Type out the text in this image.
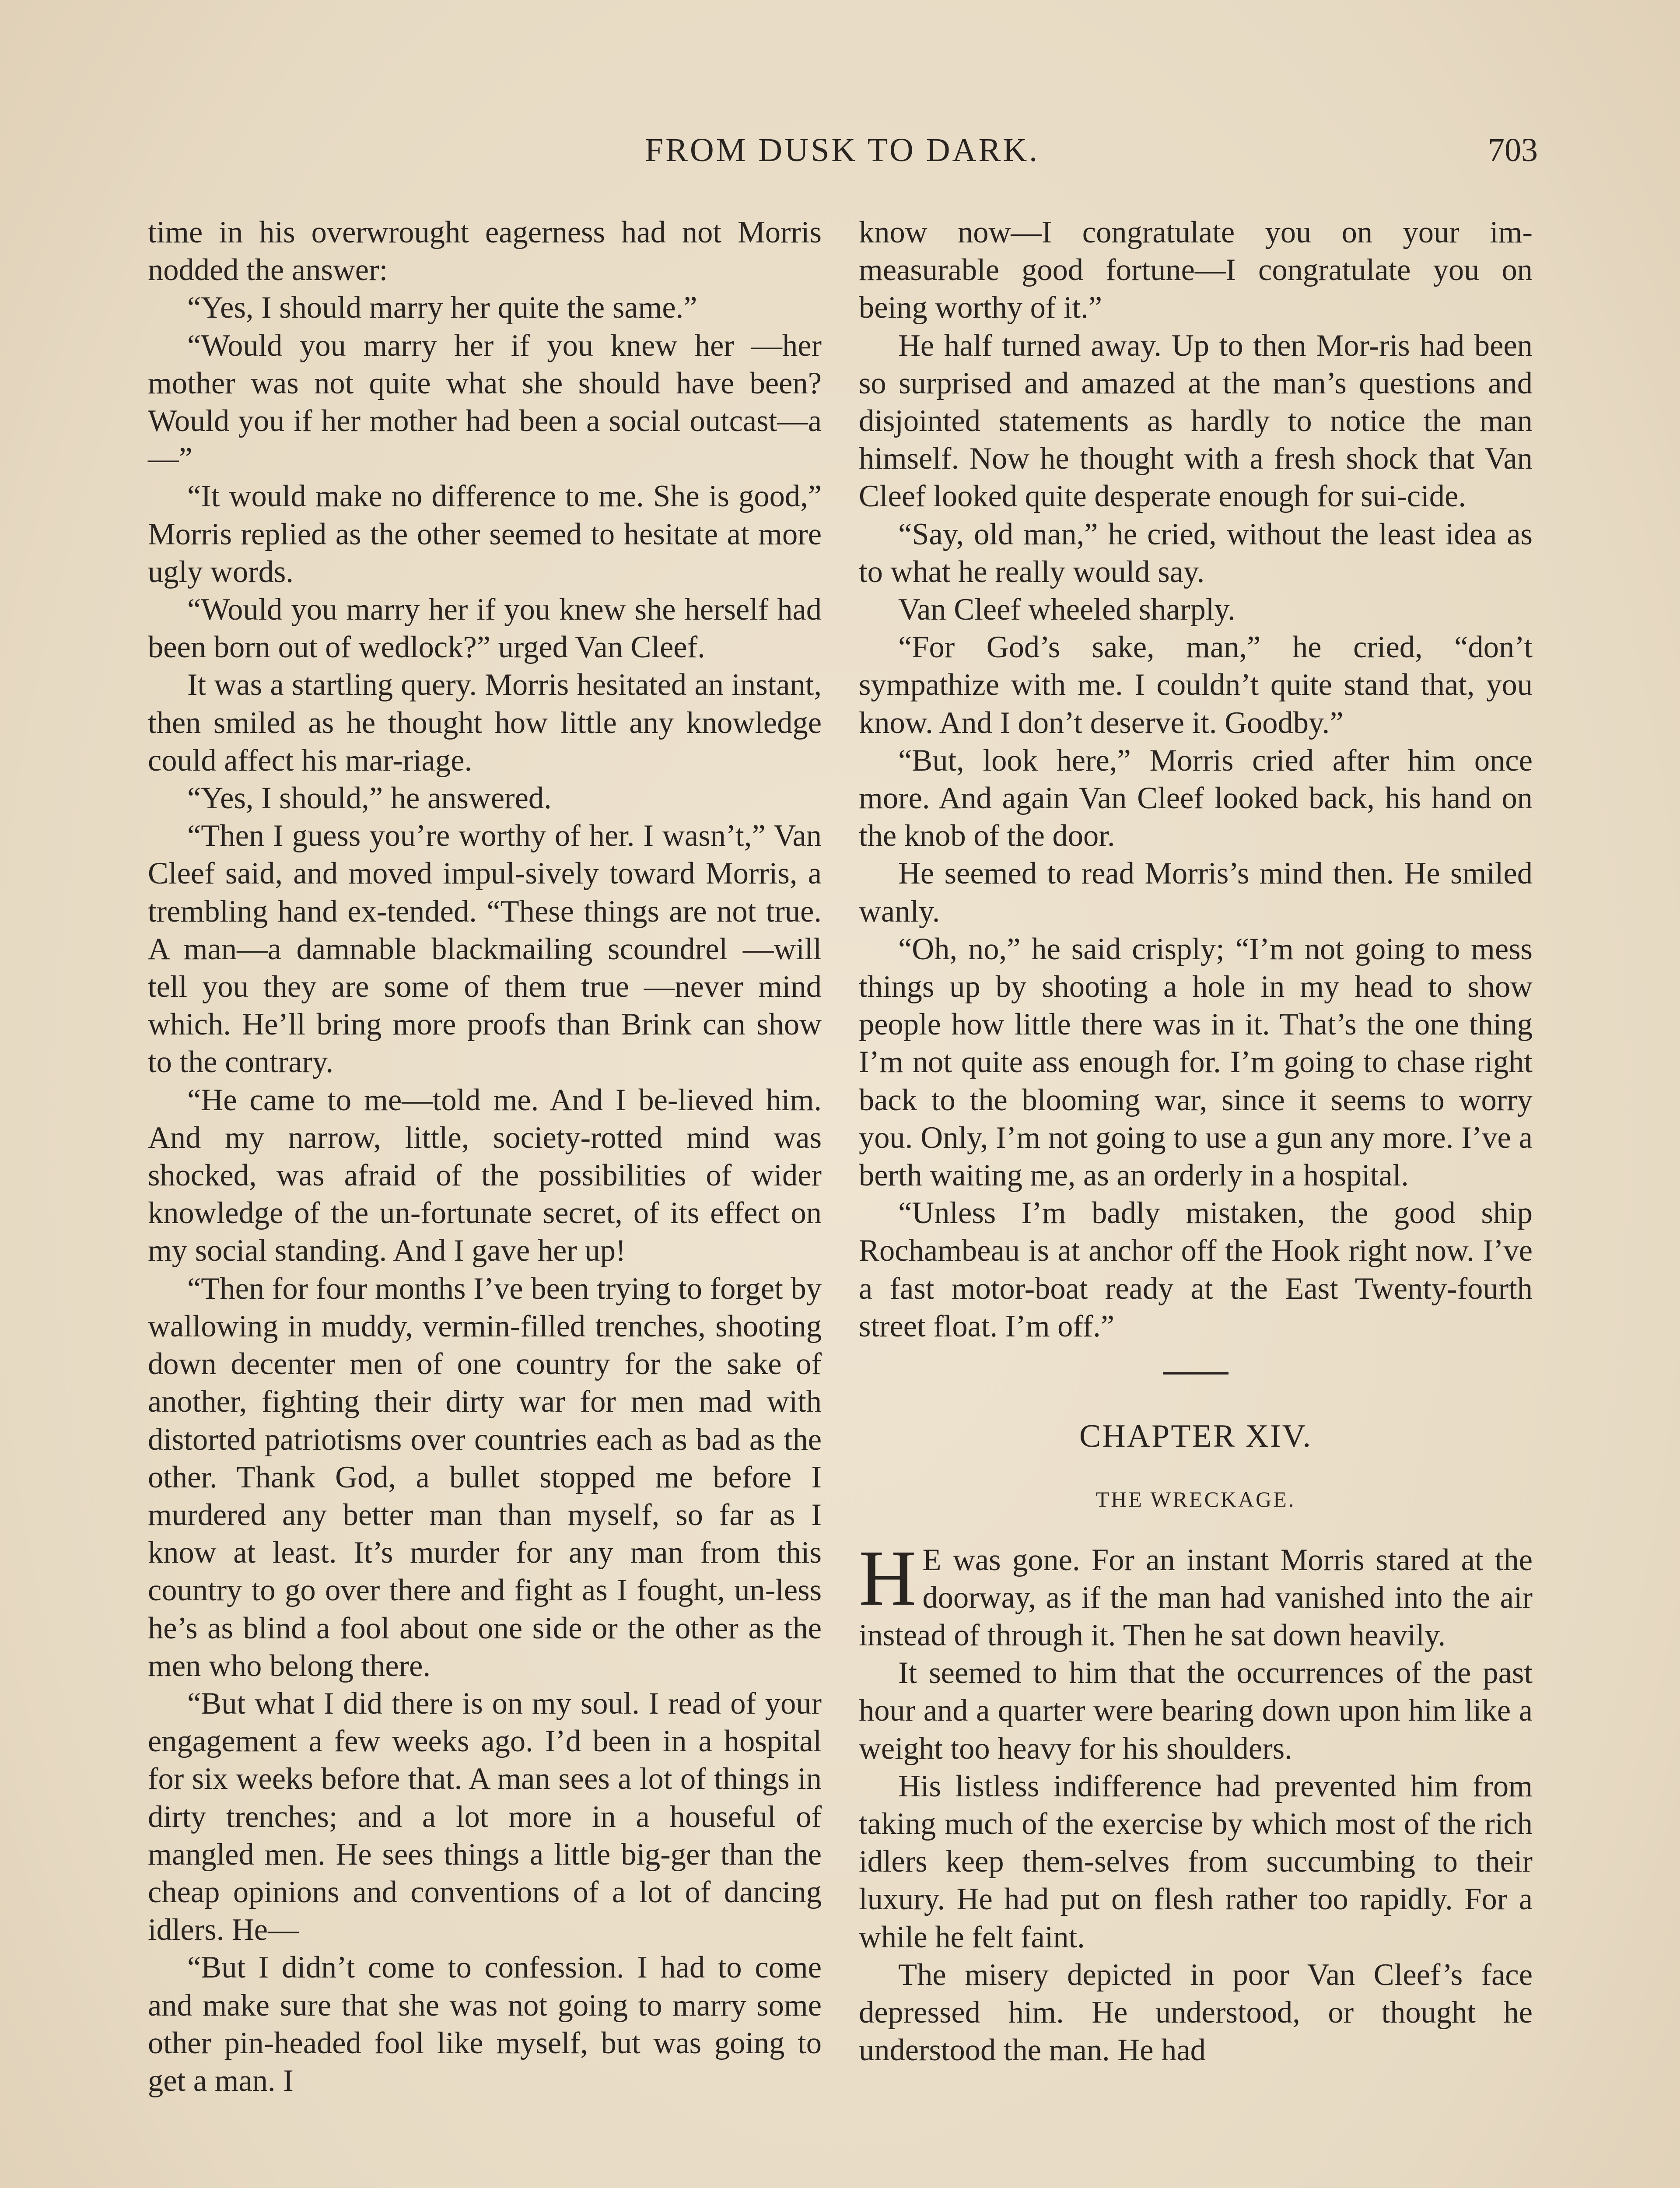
FROM DUSK TO DARK.	703

time in his overwrought eagerness had not Morris nodded the answer:

“Yes, I should marry her quite the same.”

“Would you marry her if you knew her —her mother was not quite what she should have been? Would you if her mother had been a social outcast—a—”

“It would make no difference to me. She is good,” Morris replied as the other seemed to hesitate at more ugly words.

“Would you marry her if you knew she herself had been born out of wedlock?” urged Van Cleef.

It was a startling query. Morris hesitated an instant, then smiled as he thought how little any knowledge could affect his mar-riage.

“Yes, I should,” he answered.

“Then I guess you’re worthy of her. I wasn’t,” Van Cleef said, and moved impul-sively toward Morris, a trembling hand ex-tended. “These things are not true. A man—a damnable blackmailing scoundrel —will tell you they are some of them true —never mind which. He’ll bring more proofs than Brink can show to the contrary.

“He came to me—told me. And I be-lieved him. And my narrow, little, society-rotted mind was shocked, was afraid of the possibilities of wider knowledge of the un-fortunate secret, of its effect on my social standing. And I gave her up!

“Then for four months I’ve been trying to forget by wallowing in muddy, vermin-filled trenches, shooting down decenter men of one country for the sake of another, fighting their dirty war for men mad with distorted patriotisms over countries each as bad as the other. Thank God, a bullet stopped me before I murdered any better man than myself, so far as I know at least. It’s murder for any man from this country to go over there and fight as I fought, un-less he’s as blind a fool about one side or the other as the men who belong there.

“But what I did there is on my soul. I read of your engagement a few weeks ago. I’d been in a hospital for six weeks before that. A man sees a lot of things in dirty trenches; and a lot more in a houseful of mangled men. He sees things a little big-ger than the cheap opinions and conventions of a lot of dancing idlers. He—

“But I didn’t come to confession. I had to come and make sure that she was not going to marry some other pin-headed fool like myself, but was going to get a man. I

know now—I congratulate you on your im-measurable good fortune—I congratulate you on being worthy of it.”

He half turned away. Up to then Mor-ris had been so surprised and amazed at the man’s questions and disjointed statements as hardly to notice the man himself. Now he thought with a fresh shock that Van Cleef looked quite desperate enough for sui-cide.

“Say, old man,” he cried, without the least idea as to what he really would say.

Van Cleef wheeled sharply.

“For God’s sake, man,” he cried, “don’t sympathize with me. I couldn’t quite stand that, you know. And I don’t deserve it. Goodby.”

“But, look here,” Morris cried after him once more. And again Van Cleef looked back, his hand on the knob of the door.

He seemed to read Morris’s mind then. He smiled wanly.

“Oh, no,” he said crisply; “I’m not going to mess things up by shooting a hole in my head to show people how little there was in it. That’s the one thing I’m not quite ass enough for. I’m going to chase right back to the blooming war, since it seems to worry you. Only, I’m not going to use a gun any more. I’ve a berth waiting me, as an orderly in a hospital.

“Unless I’m badly mistaken, the good ship Rochambeau is at anchor off the Hook right now. I’ve a fast motor-boat ready at the East Twenty-fourth street float. I’m off.”

CHAPTER XIV.
THE WRECKAGE.

H E was gone. For an instant Morris stared at the doorway, as if the man had vanished into the air instead of through it. Then he sat down heavily.

It seemed to him that the occurrences of the past hour and a quarter were bearing down upon him like a weight too heavy for his shoulders.

His listless indifference had prevented him from taking much of the exercise by which most of the rich idlers keep them-selves from succumbing to their luxury. He had put on flesh rather too rapidly. For a while he felt faint.

The misery depicted in poor Van Cleef’s face depressed him. He understood, or thought he understood the man. He had
